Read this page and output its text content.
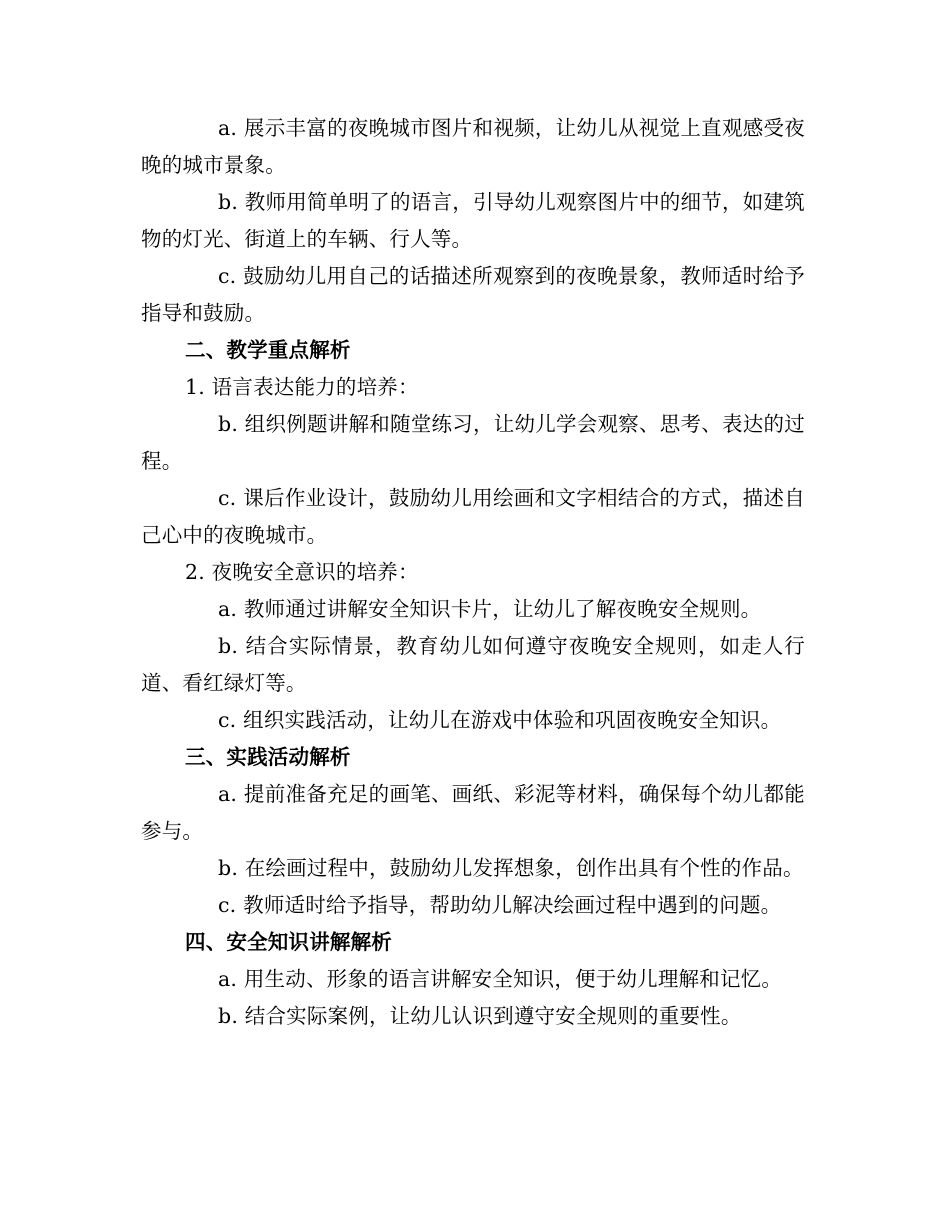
a. 展示丰富的夜晚城市图片和视频，让幼儿从视觉上直观感受夜晚的城市景象。

b. 教师用简单明了的语言，引导幼儿观察图片中的细节，如建筑物的灯光、街道上的车辆、行人等。

c. 鼓励幼儿用自己的话描述所观察到的夜晚景象，教师适时给予指导和鼓励。

二、教学重点解析

1. 语言表达能力的培养：

b. 组织例题讲解和随堂练习，让幼儿学会观察、思考、表达的过程。

c. 课后作业设计，鼓励幼儿用绘画和文字相结合的方式，描述自己心中的夜晚城市。

2. 夜晚安全意识的培养：

a. 教师通过讲解安全知识卡片，让幼儿了解夜晚安全规则。

b. 结合实际情景，教育幼儿如何遵守夜晚安全规则，如走人行道、看红绿灯等。

c. 组织实践活动，让幼儿在游戏中体验和巩固夜晚安全知识。

三、实践活动解析

a. 提前准备充足的画笔、画纸、彩泥等材料，确保每个幼儿都能参与。

b. 在绘画过程中，鼓励幼儿发挥想象，创作出具有个性的作品。

c. 教师适时给予指导，帮助幼儿解决绘画过程中遇到的问题。

四、安全知识讲解解析

a. 用生动、形象的语言讲解安全知识，便于幼儿理解和记忆。

b. 结合实际案例，让幼儿认识到遵守安全规则的重要性。
